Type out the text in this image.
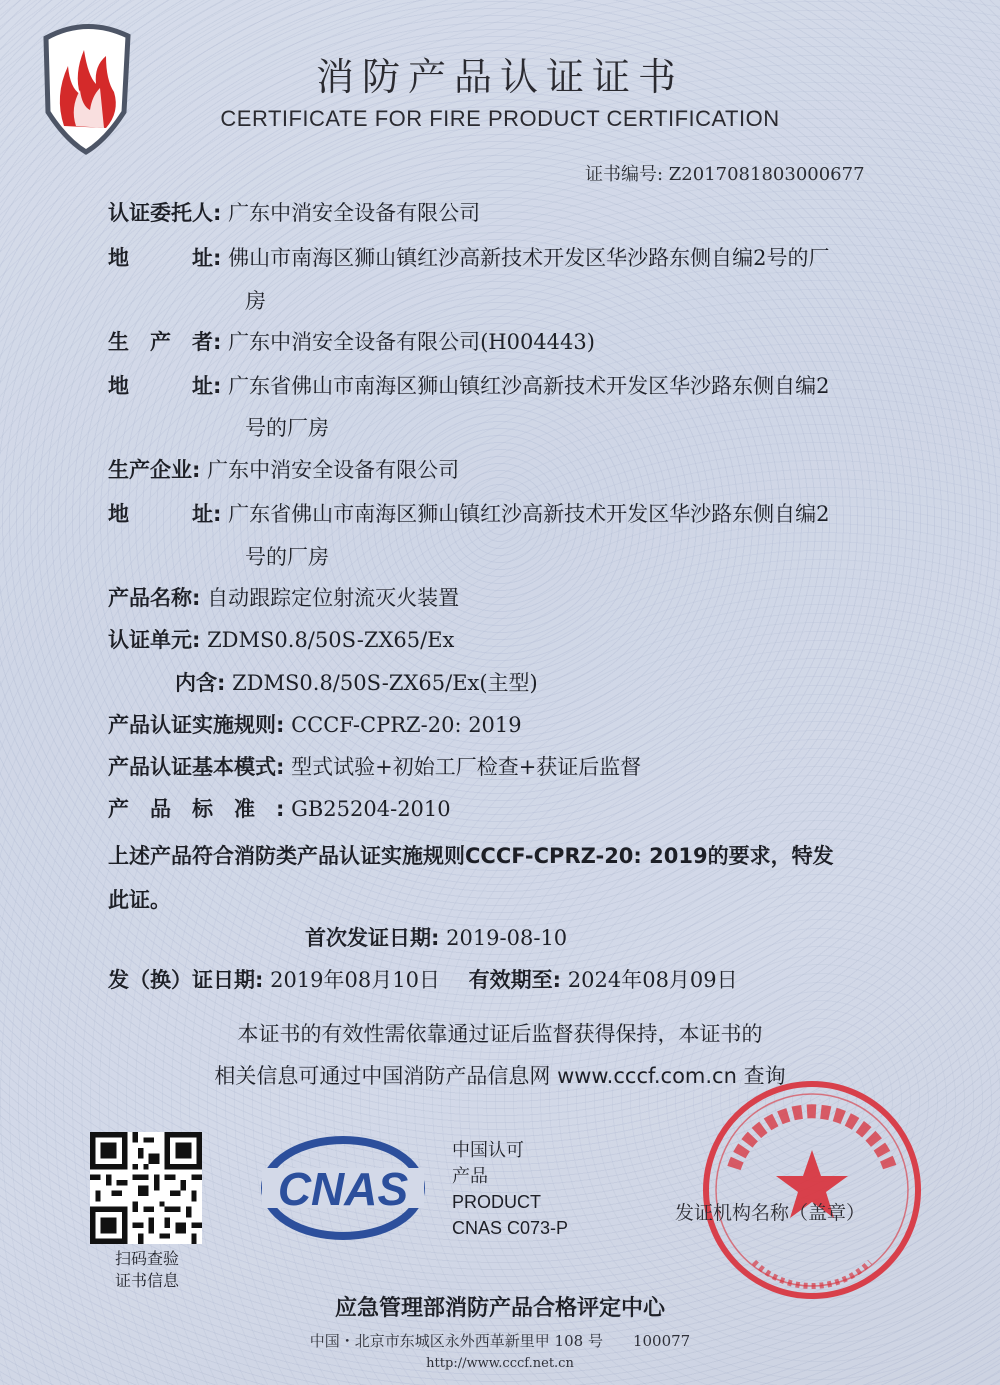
消防产品认证证书
CERTIFICATE FOR FIRE PRODUCT CERTIFICATION
证书编号: Z2017081803000677
认证委托人: 广东中消安全设备有限公司
地　　　址: 佛山市南海区狮山镇红沙高新技术开发区华沙路东侧自编2号的厂
房
生　产　者: 广东中消安全设备有限公司(H004443)
地　　　址: 广东省佛山市南海区狮山镇红沙高新技术开发区华沙路东侧自编2
号的厂房
生产企业: 广东中消安全设备有限公司
地　　　址: 广东省佛山市南海区狮山镇红沙高新技术开发区华沙路东侧自编2
号的厂房
产品名称: 自动跟踪定位射流灭火装置
认证单元: ZDMS0.8/50S-ZX65/Ex
内含: ZDMS0.8/50S-ZX65/Ex(主型)
产品认证实施规则: CCCF-CPRZ-20: 2019
产品认证基本模式: 型式试验+初始工厂检查+获证后监督
产　品　标　准　: GB25204-2010
上述产品符合消防类产品认证实施规则CCCF-CPRZ-20: 2019的要求，特发
此证。
首次发证日期: 2019-08-10
发（换）证日期: 2019年08月10日 有效期至: 2024年08月09日
本证书的有效性需依靠通过证后监督获得保持，本证书的
相关信息可通过中国消防产品信息网 www.cccf.com.cn 查询
扫码查验
证书信息
CNAS
中国认可
产品
PRODUCT
CNAS C073-P
发证机构名称（盖章）
应急管理部消防产品合格评定中心
中国・北京市东城区永外西革新里甲 108 号　　100077
http://www.cccf.net.cn
